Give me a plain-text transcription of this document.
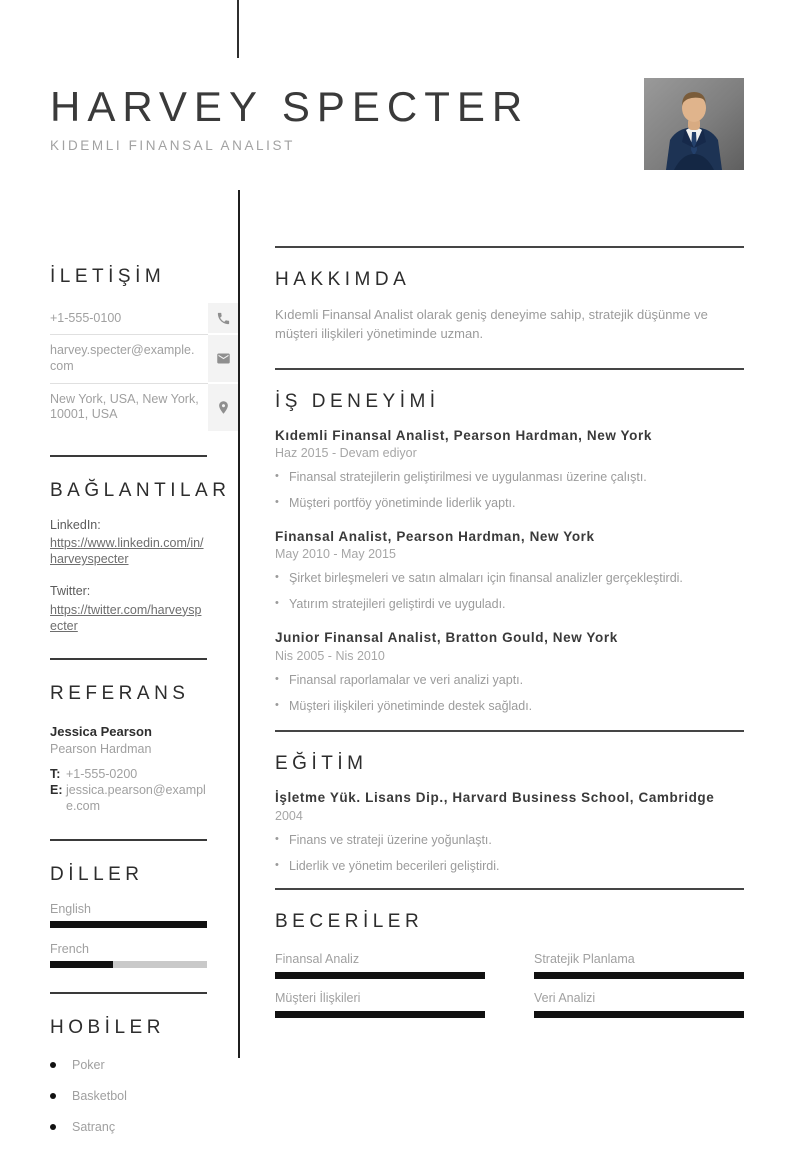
HARVEY SPECTER
KIDEMLI FINANSAL ANALIST
İLETİŞİM
+1-555-0100
harvey.specter@example.com
New York, USA, New York, 10001, USA
BAĞLANTILAR
LinkedIn:
https://www.linkedin.com/in/harveyspecter
Twitter:
https://twitter.com/harveyspecter
REFERANS
Jessica Pearson
Pearson Hardman
T: +1-555-0200
E: jessica.pearson@example.com
DİLLER
English
French
HOBİLER
Poker
Basketbol
Satranç
HAKKIMDA

Kıdemli Finansal Analist olarak geniş deneyime sahip, stratejik düşünme ve müşteri ilişkileri yönetiminde uzman.

İŞ DENEYİMİ
Kıdemli Finansal Analist, Pearson Hardman, New York
Haz 2015 - Devam ediyor
• Finansal stratejilerin geliştirilmesi ve uygulanması üzerine çalıştı.
• Müşteri portföy yönetiminde liderlik yaptı.
Finansal Analist, Pearson Hardman, New York
May 2010 - May 2015
• Şirket birleşmeleri ve satın almaları için finansal analizler gerçekleştirdi.
• Yatırım stratejileri geliştirdi ve uyguladı.
Junior Finansal Analist, Bratton Gould, New York
Nis 2005 - Nis 2010
• Finansal raporlamalar ve veri analizi yaptı.
• Müşteri ilişkileri yönetiminde destek sağladı.
EĞİTİM
İşletme Yük. Lisans Dip., Harvard Business School, Cambridge
2004
• Finans ve strateji üzerine yoğunlaştı.
• Liderlik ve yönetim becerileri geliştirdi.
BECERİLER
Finansal Analiz	Stratejik Planlama
Müşteri İlişkileri	Veri Analizi
